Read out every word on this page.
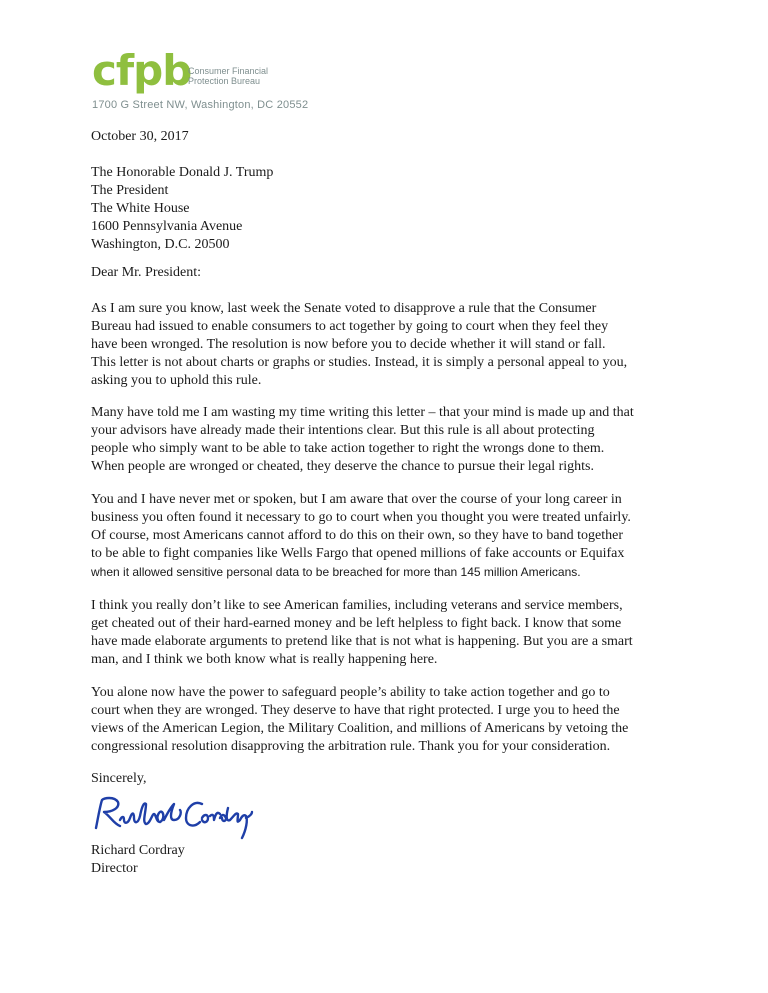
cfpb
Consumer Financial
Protection Bureau
1700 G Street NW, Washington, DC 20552
October 30, 2017
The Honorable Donald J. Trump
The President
The White House
1600 Pennsylvania Avenue
Washington, D.C. 20500
Dear Mr. President:
As I am sure you know, last week the Senate voted to disapprove a rule that the Consumer
Bureau had issued to enable consumers to act together by going to court when they feel they
have been wronged. The resolution is now before you to decide whether it will stand or fall.
This letter is not about charts or graphs or studies. Instead, it is simply a personal appeal to you,
asking you to uphold this rule.
Many have told me I am wasting my time writing this letter – that your mind is made up and that
your advisors have already made their intentions clear. But this rule is all about protecting
people who simply want to be able to take action together to right the wrongs done to them.
When people are wronged or cheated, they deserve the chance to pursue their legal rights.
You and I have never met or spoken, but I am aware that over the course of your long career in
business you often found it necessary to go to court when you thought you were treated unfairly.
Of course, most Americans cannot afford to do this on their own, so they have to band together
to be able to fight companies like Wells Fargo that opened millions of fake accounts or Equifax
when it allowed sensitive personal data to be breached for more than 145 million Americans.
I think you really don’t like to see American families, including veterans and service members,
get cheated out of their hard-earned money and be left helpless to fight back. I know that some
have made elaborate arguments to pretend like that is not what is happening. But you are a smart
man, and I think we both know what is really happening here.
You alone now have the power to safeguard people’s ability to take action together and go to
court when they are wronged. They deserve to have that right protected. I urge you to heed the
views of the American Legion, the Military Coalition, and millions of Americans by vetoing the
congressional resolution disapproving the arbitration rule. Thank you for your consideration.
Sincerely,
Richard Cordray
Director
